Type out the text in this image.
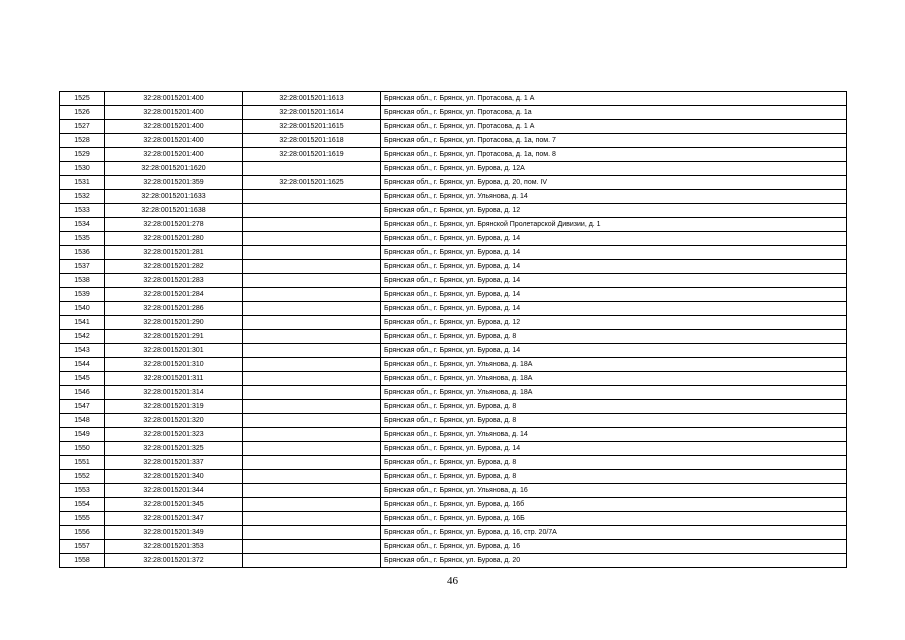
1525	32:28:0015201:400	32:28:0015201:1613	Брянская обл., г. Брянск, ул. Протасова, д. 1 А
1526	32:28:0015201:400	32:28:0015201:1614	Брянская обл., г. Брянск, ул. Протасова, д. 1а
1527	32:28:0015201:400	32:28:0015201:1615	Брянская обл., г. Брянск, ул. Протасова, д. 1 А
1528	32:28:0015201:400	32:28:0015201:1618	Брянская обл., г. Брянск, ул. Протасова, д. 1а, пом. 7
1529	32:28:0015201:400	32:28:0015201:1619	Брянская обл., г. Брянск, ул. Протасова, д. 1а, пом. 8
1530	32:28:0015201:1620		Брянская обл., г. Брянск, ул. Бурова, д. 12А
1531	32:28:0015201:359	32:28:0015201:1625	Брянская обл., г. Брянск, ул. Бурова, д. 20, пом. IV
1532	32:28:0015201:1633		Брянская обл., г. Брянск, ул. Ульянова, д. 14
1533	32:28:0015201:1638		Брянская обл., г. Брянск, ул. Бурова, д. 12
1534	32:28:0015201:278		Брянская обл., г. Брянск, ул. Брянской Пролетарской Дивизии, д. 1
1535	32:28:0015201:280		Брянская обл., г. Брянск, ул. Бурова, д. 14
1536	32:28:0015201:281		Брянская обл., г. Брянск, ул. Бурова, д. 14
1537	32:28:0015201:282		Брянская обл., г. Брянск, ул. Бурова, д. 14
1538	32:28:0015201:283		Брянская обл., г. Брянск, ул. Бурова, д. 14
1539	32:28:0015201:284		Брянская обл., г. Брянск, ул. Бурова, д. 14
1540	32:28:0015201:286		Брянская обл., г. Брянск, ул. Бурова, д. 14
1541	32:28:0015201:290		Брянская обл., г. Брянск, ул. Бурова, д. 12
1542	32:28:0015201:291		Брянская обл., г. Брянск, ул. Бурова, д. 8
1543	32:28:0015201:301		Брянская обл., г. Брянск, ул. Бурова, д. 14
1544	32:28:0015201:310		Брянская обл., г. Брянск, ул. Ульянова, д. 18А
1545	32:28:0015201:311		Брянская обл., г. Брянск, ул. Ульянова, д. 18А
1546	32:28:0015201:314		Брянская обл., г. Брянск, ул. Ульянова, д. 18А
1547	32:28:0015201:319		Брянская обл., г. Брянск, ул. Бурова, д. 8
1548	32:28:0015201:320		Брянская обл., г. Брянск, ул. Бурова, д. 8
1549	32:28:0015201:323		Брянская обл., г. Брянск, ул. Ульянова, д. 14
1550	32:28:0015201:325		Брянская обл., г. Брянск, ул. Бурова, д. 14
1551	32:28:0015201:337		Брянская обл., г. Брянск, ул. Бурова, д. 8
1552	32:28:0015201:340		Брянская обл., г. Брянск, ул. Бурова, д. 8
1553	32:28:0015201:344		Брянская обл., г. Брянск, ул. Ульянова, д. 16
1554	32:28:0015201:345		Брянская обл., г. Брянск, ул. Бурова, д. 16б
1555	32:28:0015201:347		Брянская обл., г. Брянск, ул. Бурова, д. 16Б
1556	32:28:0015201:349		Брянская обл., г. Брянск, ул. Бурова, д. 16, стр. 20/7А
1557	32:28:0015201:353		Брянская обл., г. Брянск, ул. Бурова, д. 16
1558	32:28:0015201:372		Брянская обл., г. Брянск, ул. Бурова, д. 20
46
